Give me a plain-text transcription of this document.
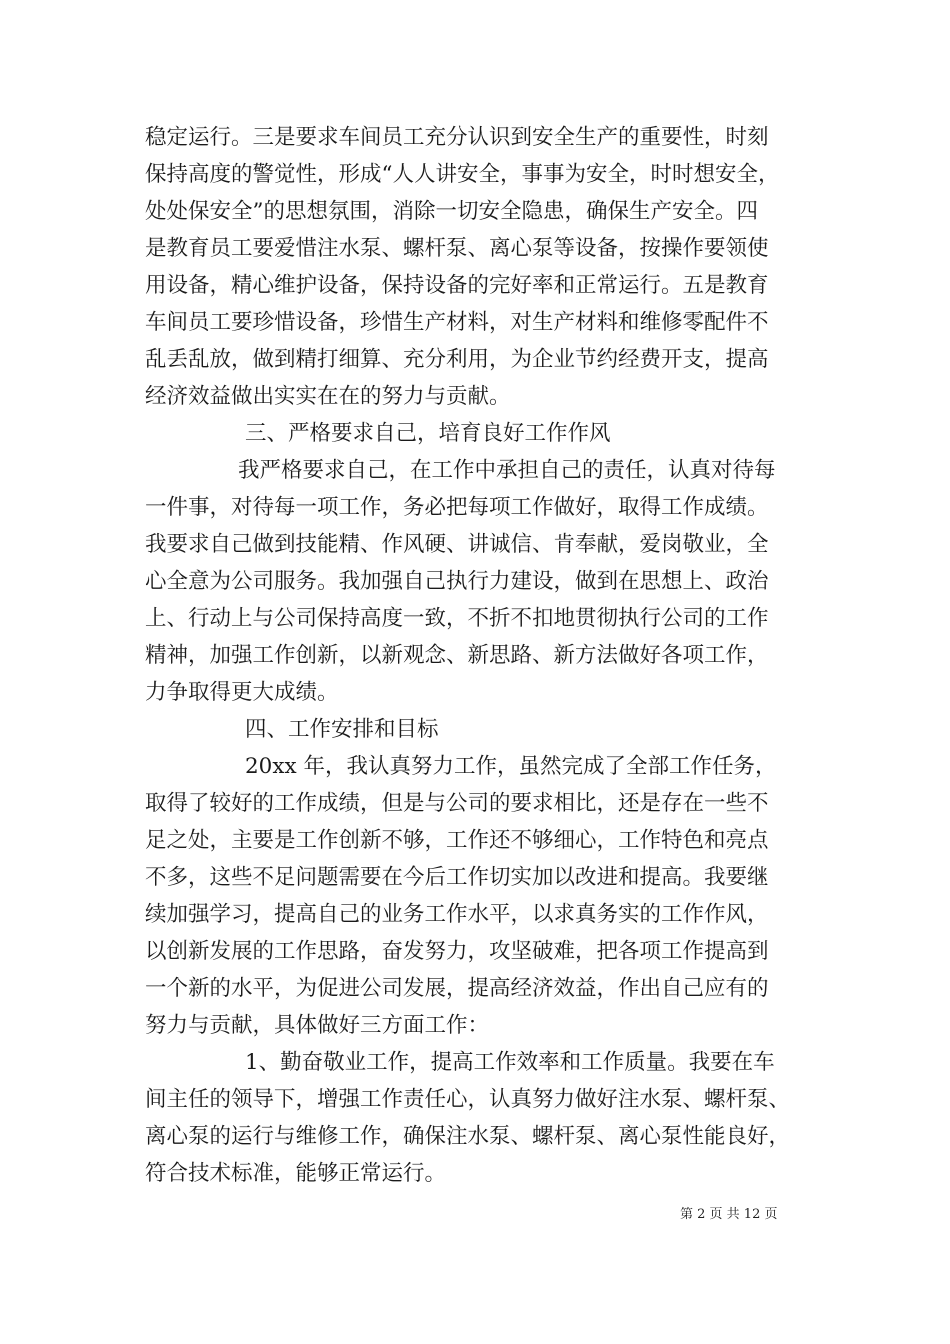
稳定运行。三是要求车间员工充分认识到安全生产的重要性，时刻
保持高度的警觉性，形成“人人讲安全，事事为安全，时时想安全，
处处保安全”的思想氛围，消除一切安全隐患，确保生产安全。四
是教育员工要爱惜注水泵、螺杆泵、离心泵等设备，按操作要领使
用设备，精心维护设备，保持设备的完好率和正常运行。五是教育
车间员工要珍惜设备，珍惜生产材料，对生产材料和维修零配件不
乱丢乱放，做到精打细算、充分利用，为企业节约经费开支，提高
经济效益做出实实在在的努力与贡献。
三、严格要求自己，培育良好工作作风
我严格要求自己，在工作中承担自己的责任，认真对待每
一件事，对待每一项工作，务必把每项工作做好，取得工作成绩。
我要求自己做到技能精、作风硬、讲诚信、肯奉献，爱岗敬业，全
心全意为公司服务。我加强自己执行力建设，做到在思想上、政治
上、行动上与公司保持高度一致，不折不扣地贯彻执行公司的工作
精神，加强工作创新，以新观念、新思路、新方法做好各项工作，
力争取得更大成绩。
四、工作安排和目标
20xx 年，我认真努力工作，虽然完成了全部工作任务，
取得了较好的工作成绩，但是与公司的要求相比，还是存在一些不
足之处，主要是工作创新不够，工作还不够细心，工作特色和亮点
不多，这些不足问题需要在今后工作切实加以改进和提高。我要继
续加强学习，提高自己的业务工作水平，以求真务实的工作作风，
以创新发展的工作思路，奋发努力，攻坚破难，把各项工作提高到
一个新的水平，为促进公司发展，提高经济效益，作出自己应有的
努力与贡献，具体做好三方面工作：
1、勤奋敬业工作，提高工作效率和工作质量。我要在车
间主任的领导下，增强工作责任心，认真努力做好注水泵、螺杆泵、
离心泵的运行与维修工作，确保注水泵、螺杆泵、离心泵性能良好，
符合技术标准，能够正常运行。
第 2 页 共 12 页
